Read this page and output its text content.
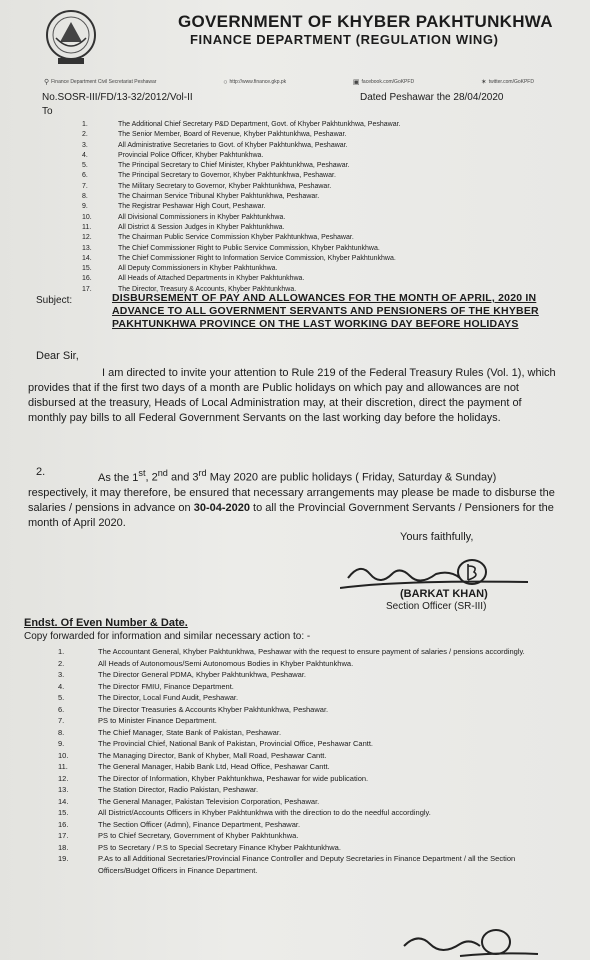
GOVERNMENT OF KHYBER PAKHTUNKHWA
FINANCE DEPARTMENT (REGULATION WING)
⚲ Finance Department Civil Secretariat Peshawar	○ http://www.finance.gkp.pk	▣ facebook.com/GoKPFD	✶ twitter.com/GoKPFD
No.SOSR-III/FD/13-32/2012/Vol-II	Dated Peshawar the 28/04/2020
To
1.	The Additional Chief Secretary P&D Department, Govt. of Khyber Pakhtunkhwa, Peshawar.
2.	The Senior Member, Board of Revenue, Khyber Pakhtunkhwa, Peshawar.
3.	All Administrative Secretaries to Govt. of Khyber Pakhtunkhwa, Peshawar.
4.	Provincial Police Officer, Khyber Pakhtunkhwa.
5.	The Principal Secretary to Chief Minister, Khyber Pakhtunkhwa, Peshawar.
6.	The Principal Secretary to Governor, Khyber Pakhtunkhwa, Peshawar.
7.	The Military Secretary to Governor, Khyber Pakhtunkhwa, Peshawar.
8.	The Chairman Service Tribunal Khyber Pakhtunkhwa, Peshawar.
9.	The Registrar Peshawar High Court, Peshawar.
10.	All Divisional Commissioners in Khyber Pakhtunkhwa.
11.	All District & Session Judges in Khyber Pakhtunkhwa.
12.	The Chairman Public Service Commission Khyber Pakhtunkhwa, Peshawar.
13.	The Chief Commissioner Right to Public Service Commission, Khyber Pakhtunkhwa.
14.	The Chief Commissioner Right to Information Service Commission, Khyber Pakhtunkhwa.
15.	All Deputy Commissioners in Khyber Pakhtunkhwa.
16.	All Heads of Attached Departments in Khyber Pakhtunkhwa.
17.	The Director, Treasury & Accounts, Khyber Pakhtunkhwa.
Subject:	DISBURSEMENT OF PAY AND ALLOWANCES FOR THE MONTH OF APRIL, 2020 IN ADVANCE TO ALL GOVERNMENT SERVANTS AND PENSIONERS OF THE KHYBER PAKHTUNKHWA PROVINCE ON THE LAST WORKING DAY BEFORE HOLIDAYS
Dear Sir,
I am directed to invite your attention to Rule 219 of the Federal Treasury Rules (Vol. 1), which provides that if the first two days of a month are Public holidays on which pay and allowances are not disbursed at the treasury, Heads of Local Administration may, at their discretion, direct the payment of monthly pay bills to all Federal Government Servants on the last working day before the holidays.
2.	As the 1st, 2nd and 3rd May 2020 are public holidays ( Friday, Saturday & Sunday) respectively, it may therefore, be ensured that necessary arrangements may please be made to disburse the salaries / pensions in advance on 30-04-2020 to all the Provincial Government Servants / Pensioners for the month of April 2020.
Yours faithfully,
(BARKAT KHAN)
Section Officer (SR-III)
Endst. Of Even Number & Date.
Copy forwarded for information and similar necessary action to: -
1.	The Accountant General, Khyber Pakhtunkhwa, Peshawar with the request to ensure payment of salaries / pensions accordingly.
2.	All Heads of Autonomous/Semi Autonomous Bodies in Khyber Pakhtunkhwa.
3.	The Director General PDMA, Khyber Pakhtunkhwa, Peshawar.
4.	The Director FMIU, Finance Department.
5.	The Director, Local Fund Audit, Peshawar.
6.	The Director Treasuries & Accounts Khyber Pakhtunkhwa, Peshawar.
7.	PS to Minister Finance Department.
8.	The Chief Manager, State Bank of Pakistan, Peshawar.
9.	The Provincial Chief, National Bank of Pakistan, Provincial Office, Peshawar Cantt.
10.	The Managing Director, Bank of Khyber, Mall Road, Peshawar Cantt.
11.	The General Manager, Habib Bank Ltd, Head Office, Peshawar Cantt.
12.	The Director of Information, Khyber Pakhtunkhwa, Peshawar for wide publication.
13.	The Station Director, Radio Pakistan, Peshawar.
14.	The General Manager, Pakistan Television Corporation, Peshawar.
15.	All District/Accounts Officers in Khyber Pakhtunkhwa with the direction to do the needful accordingly.
16.	The Section Officer (Admn), Finance Department, Peshawar.
17.	PS to Chief Secretary, Government of Khyber Pakhtunkhwa.
18.	PS to Secretary / P.S to Special Secretary Finance Khyber Pakhtunkhwa.
19.	P.As to all Additional Secretaries/Provincial Finance Controller and Deputy Secretaries in Finance Department / all the Section Officers/Budget Officers in Finance Department.
